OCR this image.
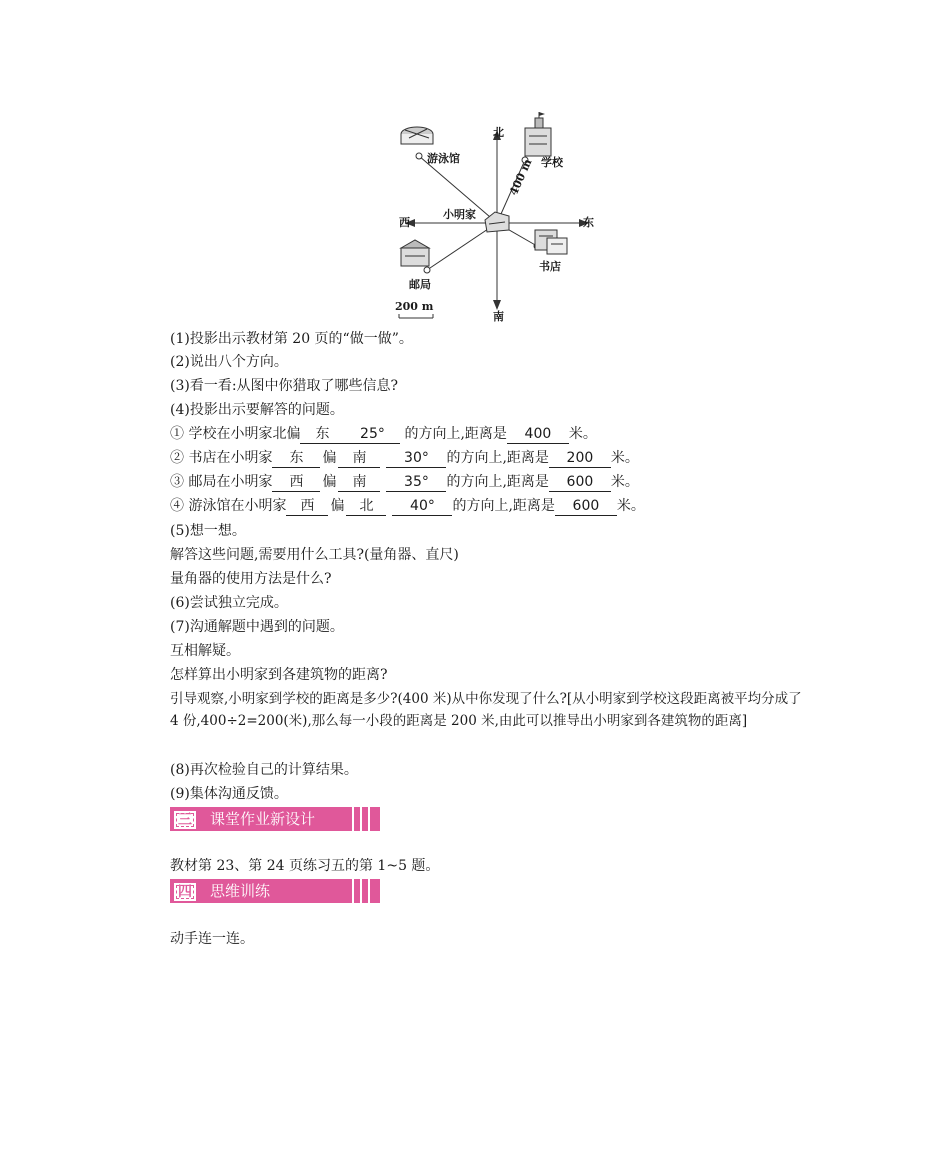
北
南
东
西
小明家
游泳馆	学校
书店
邮局
400 m
200 m
(1)投影出示教材第 20 页的“做一做”。
(2)说出八个方向。
(3)看一看:从图中你猎取了哪些信息?
(4)投影出示要解答的问题。
① 学校在小明家北偏 东 25° 的方向上,距离是 400 米。
② 书店在小明家 东 偏 南	30° 的方向上,距离是 200 米。
③ 邮局在小明家 西 偏 南	35° 的方向上,距离是 600 米。
④ 游泳馆在小明家 西 偏 北	40° 的方向上,距离是 600 米。
(5)想一想。
解答这些问题,需要用什么工具?(量角器、直尺)
量角器的使用方法是什么?
(6)尝试独立完成。
(7)沟通解题中遇到的问题。
互相解疑。
怎样算出小明家到各建筑物的距离?
引导观察,小明家到学校的距离是多少?(400 米)从中你发现了什么?[从小明家到学校这段距离被平均分成了 4 份,400÷2=200(米),那么每一小段的距离是 200 米,由此可以推导出小明家到各建筑物的距离]
(8)再次检验自己的计算结果。
(9)集体沟通反馈。
三	课堂作业新设计
教材第 23、第 24 页练习五的第 1~5 题。
四	思维训练
动手连一连。
